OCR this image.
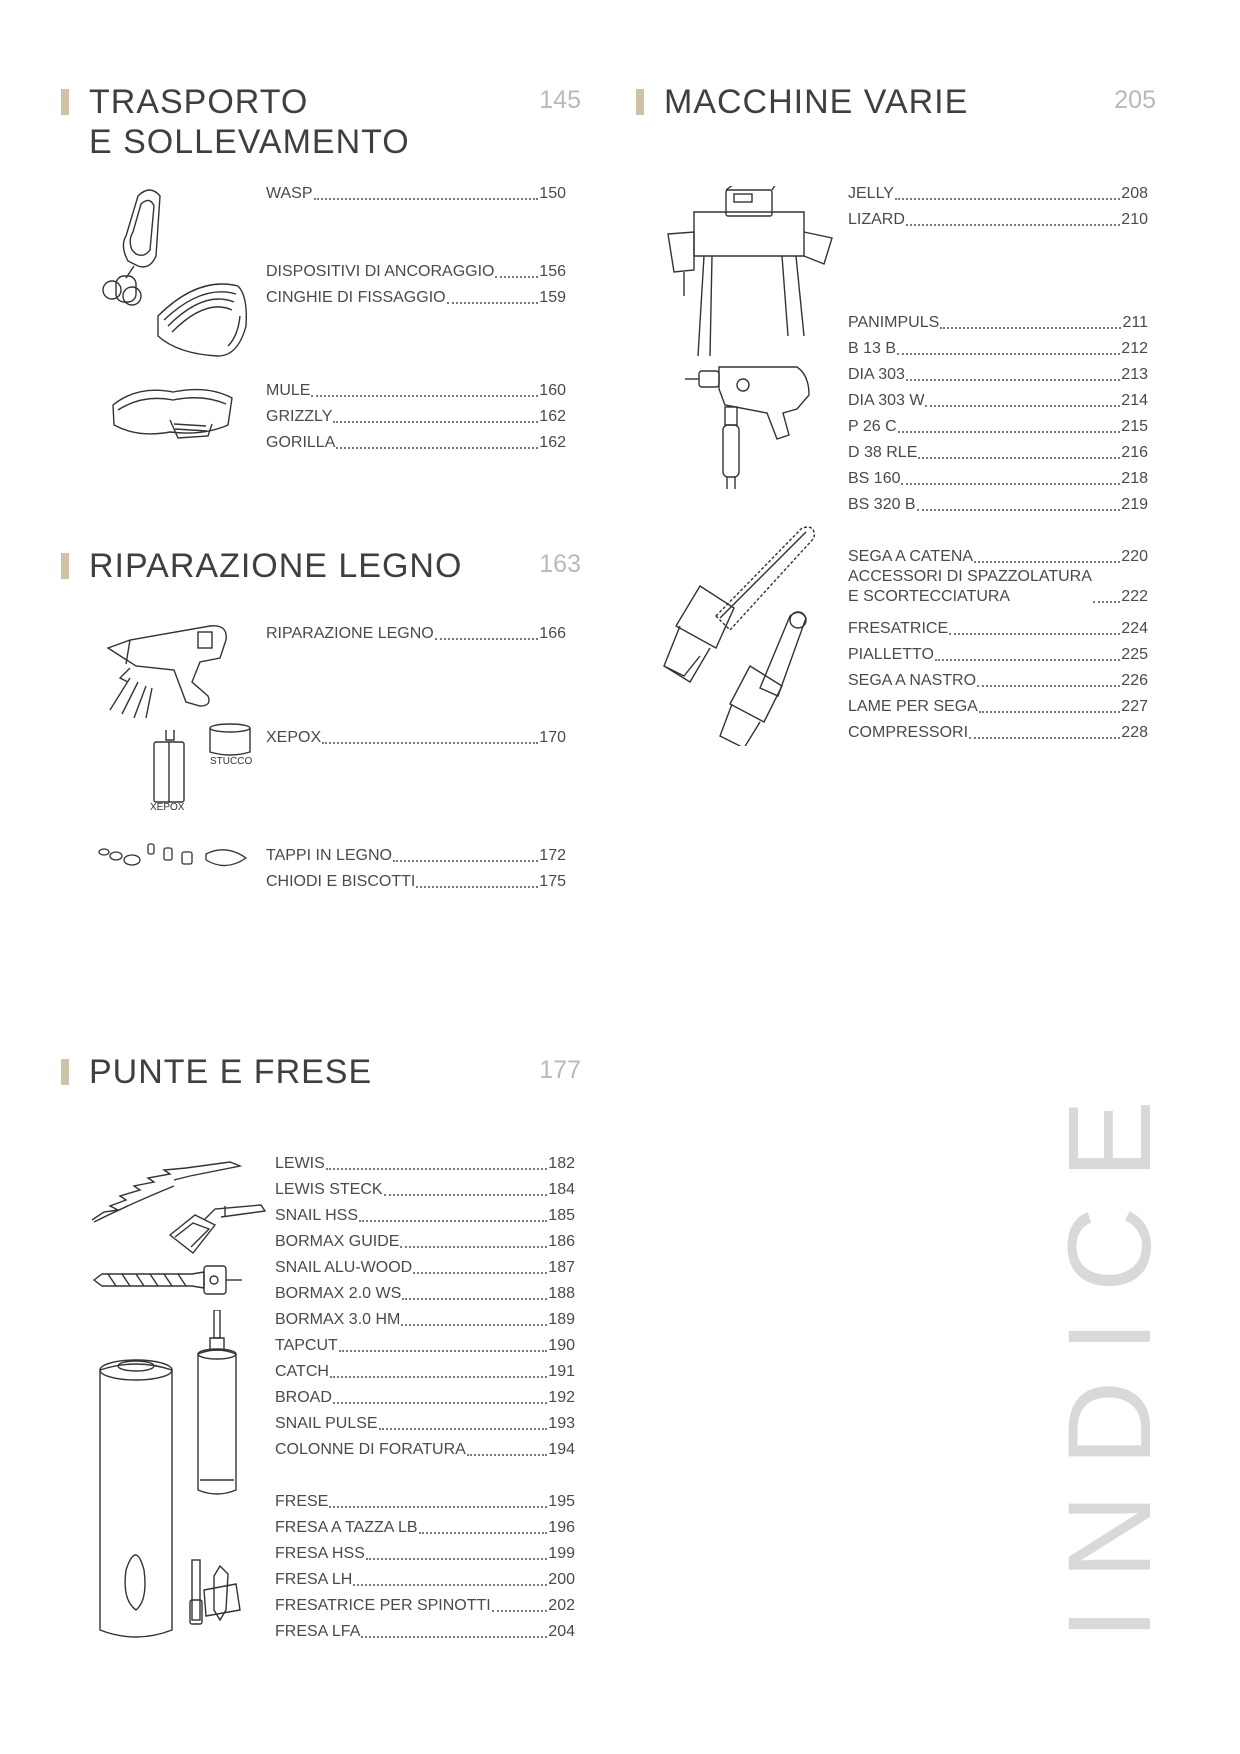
TRASPORTO
E SOLLEVAMENTO
145
WASP	150
DISPOSITIVI DI ANCORAGGIO	156
CINGHIE DI FISSAGGIO	159
MULE	160
GRIZZLY	162
GORILLA	162
RIPARAZIONE LEGNO	163
RIPARAZIONE LEGNO	166
XEPOX	170
TAPPI IN LEGNO	172
CHIODI E BISCOTTI	175
STUCCO
XEPOX
PUNTE E FRESE	177
LEWIS	182
LEWIS STECK	184
SNAIL HSS	185
BORMAX GUIDE	186
SNAIL ALU-WOOD	187
BORMAX 2.0 WS	188
BORMAX 3.0 HM	189
TAPCUT	190
CATCH	191
BROAD	192
SNAIL PULSE	193
COLONNE DI FORATURA	194
FRESE	195
FRESA A TAZZA LB	196
FRESA HSS	199
FRESA LH	200
FRESATRICE PER SPINOTTI	202
FRESA LFA	204
MACCHINE VARIE	205
JELLY	208
LIZARD	210
PANIMPULS	211
B 13 B	212
DIA 303	213
DIA 303 W	214
P 26 C	215
D 38 RLE	216
BS 160	218
BS 320 B	219
SEGA A CATENA	220
ACCESSORI DI SPAZZOLATURA
E SCORTECCIATURA	222
FRESATRICE	224
PIALLETTO	225
SEGA A NASTRO	226
LAME PER SEGA	227
COMPRESSORI	228
INDICE
